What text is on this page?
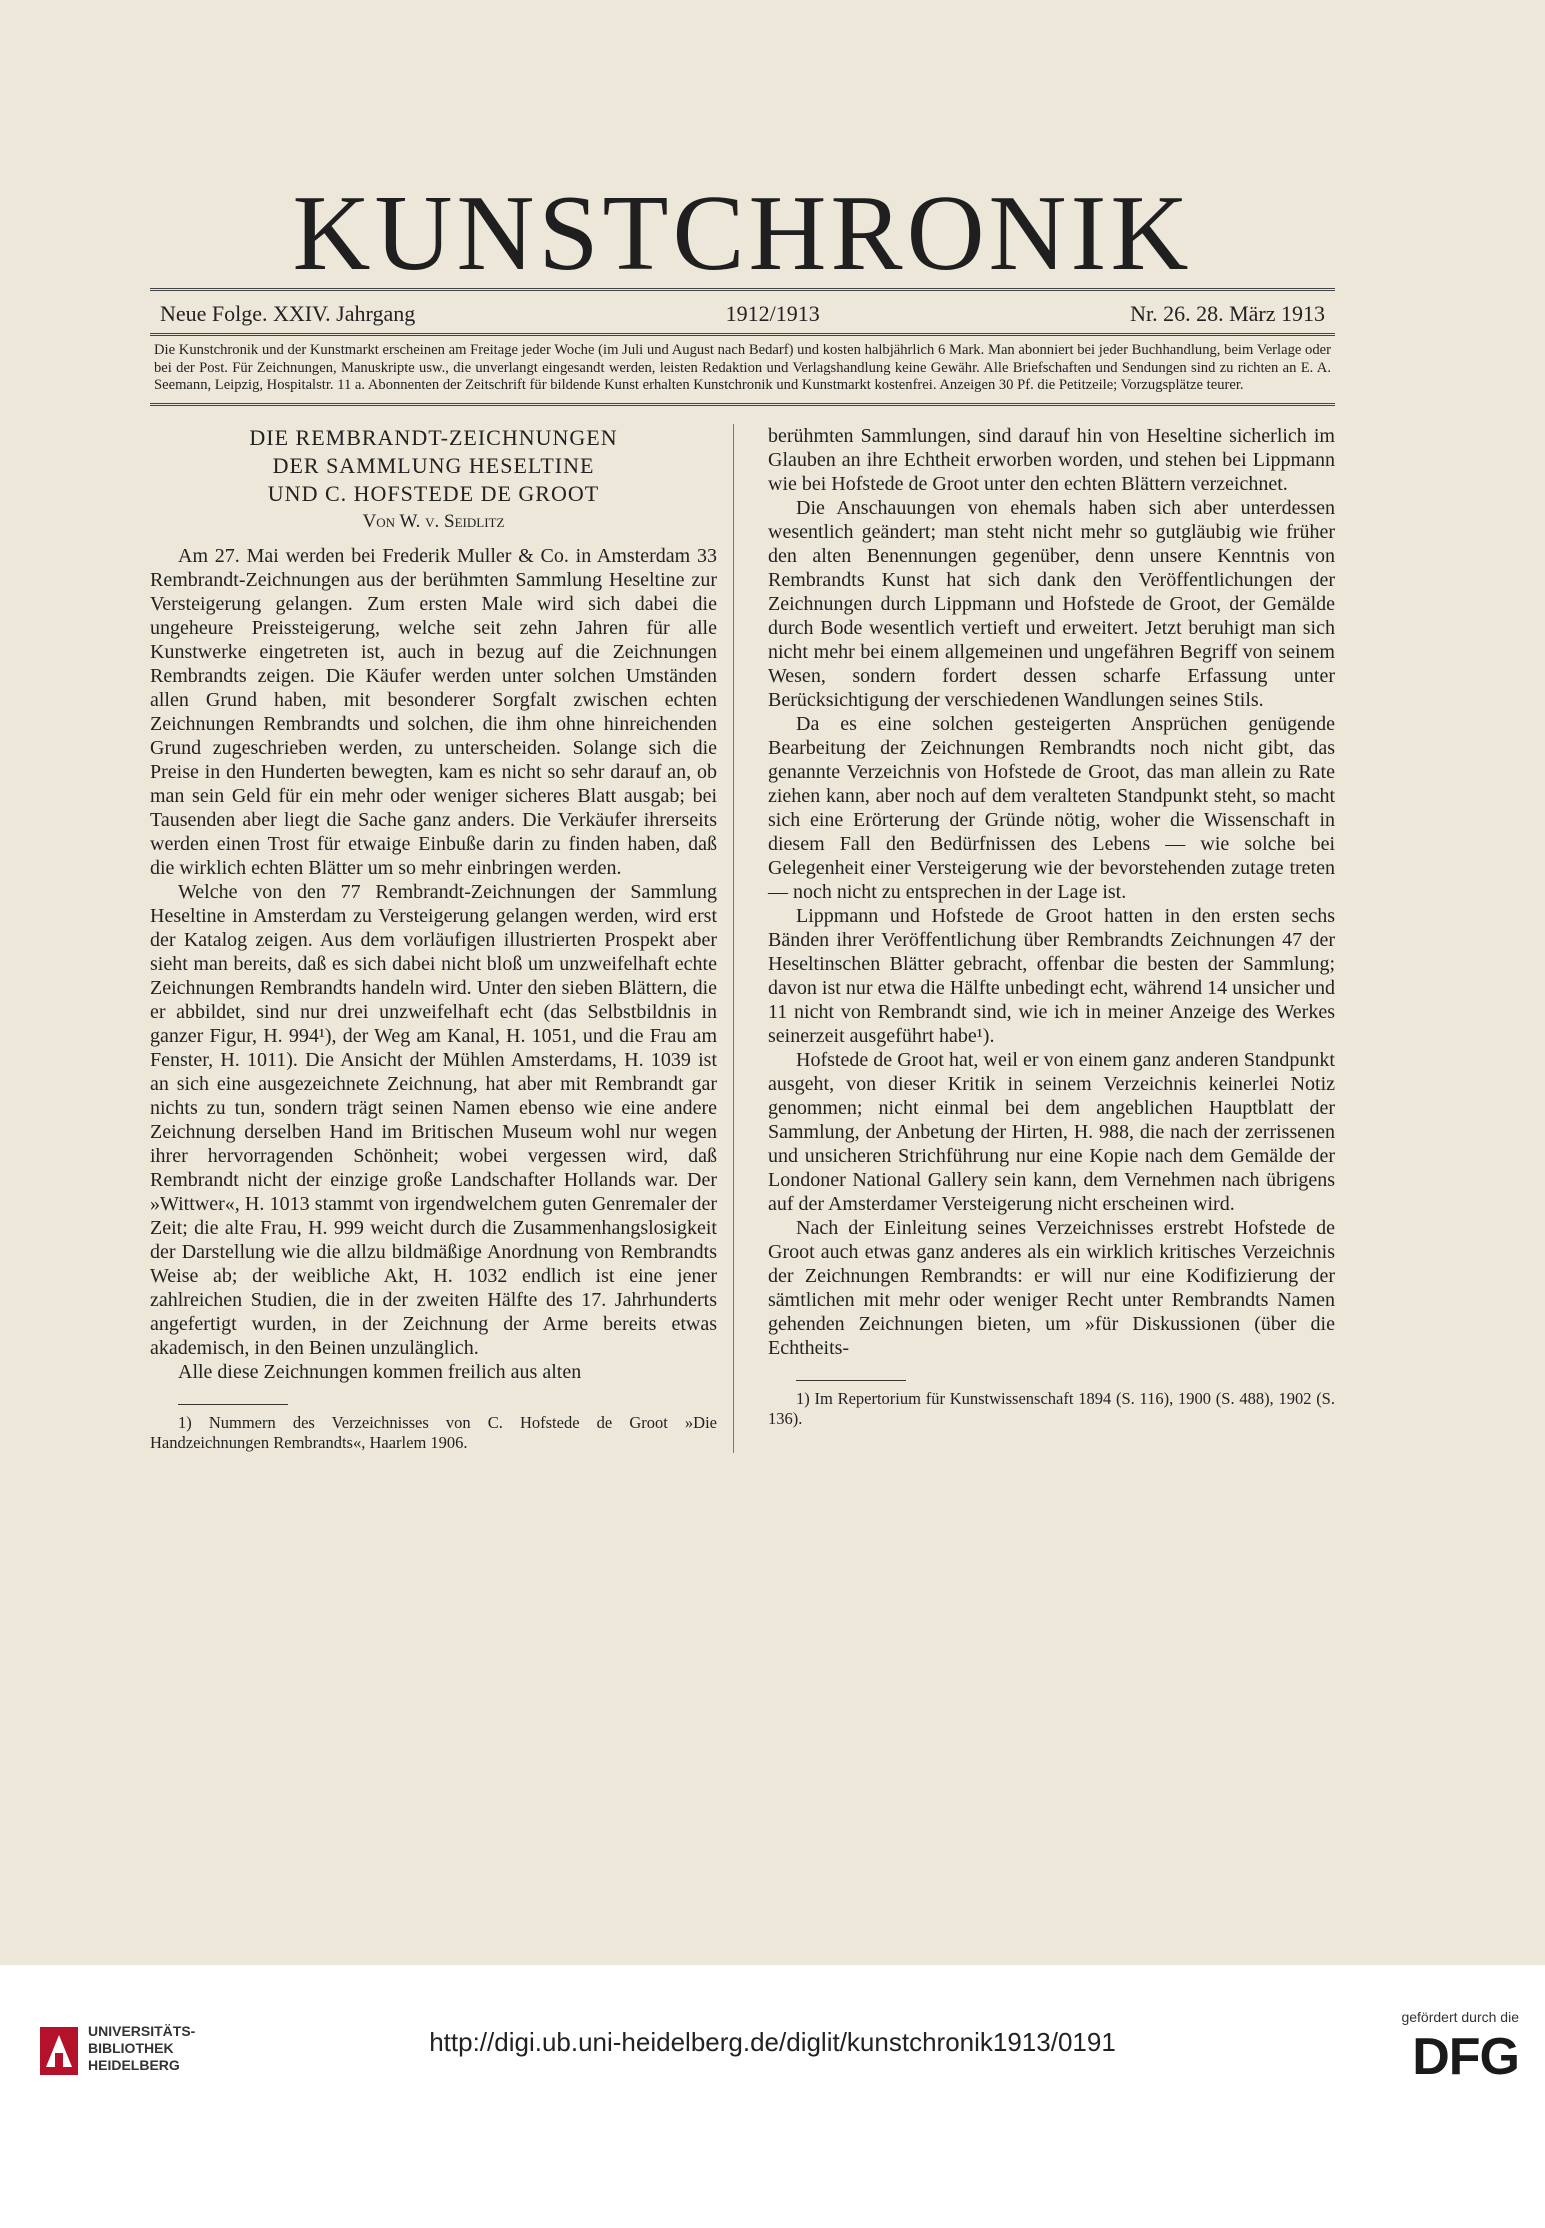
KUNSTCHRONIK
Neue Folge. XXIV. Jahrgang	1912/1913	Nr. 26. 28. März 1913
Die Kunstchronik und der Kunstmarkt erscheinen am Freitage jeder Woche (im Juli und August nach Bedarf) und kosten halbjährlich 6 Mark. Man abonniert bei jeder Buchhandlung, beim Verlage oder bei der Post. Für Zeichnungen, Manuskripte usw., die unverlangt eingesandt werden, leisten Redaktion und Verlagshandlung keine Gewähr. Alle Briefschaften und Sendungen sind zu richten an E. A. Seemann, Leipzig, Hospitalstr. 11 a. Abonnenten der Zeitschrift für bildende Kunst erhalten Kunstchronik und Kunstmarkt kostenfrei. Anzeigen 30 Pf. die Petitzeile; Vorzugsplätze teurer.

DIE REMBRANDT-ZEICHNUNGEN

DER SAMMLUNG HESELTINE

UND C. HOFSTEDE DE GROOT

Von W. v. Seidlitz

Am 27. Mai werden bei Frederik Muller & Co. in Amsterdam 33 Rembrandt-Zeichnungen aus der berühmten Sammlung Heseltine zur Versteigerung gelangen. Zum ersten Male wird sich dabei die ungeheure Preissteigerung, welche seit zehn Jahren für alle Kunstwerke eingetreten ist, auch in bezug auf die Zeichnungen Rembrandts zeigen. Die Käufer werden unter solchen Umständen allen Grund haben, mit besonderer Sorgfalt zwischen echten Zeichnungen Rembrandts und solchen, die ihm ohne hinreichenden Grund zugeschrieben werden, zu unterscheiden. Solange sich die Preise in den Hunderten bewegten, kam es nicht so sehr darauf an, ob man sein Geld für ein mehr oder weniger sicheres Blatt ausgab; bei Tausenden aber liegt die Sache ganz anders. Die Verkäufer ihrerseits werden einen Trost für etwaige Einbuße darin zu finden haben, daß die wirklich echten Blätter um so mehr einbringen werden.

Welche von den 77 Rembrandt-Zeichnungen der Sammlung Heseltine in Amsterdam zu Versteigerung gelangen werden, wird erst der Katalog zeigen. Aus dem vorläufigen illustrierten Prospekt aber sieht man bereits, daß es sich dabei nicht bloß um unzweifelhaft echte Zeichnungen Rembrandts handeln wird. Unter den sieben Blättern, die er abbildet, sind nur drei unzweifelhaft echt (das Selbstbildnis in ganzer Figur, H. 994¹), der Weg am Kanal, H. 1051, und die Frau am Fenster, H. 1011). Die Ansicht der Mühlen Amsterdams, H. 1039 ist an sich eine ausgezeichnete Zeichnung, hat aber mit Rembrandt gar nichts zu tun, sondern trägt seinen Namen ebenso wie eine andere Zeichnung derselben Hand im Britischen Museum wohl nur wegen ihrer hervorragenden Schönheit; wobei vergessen wird, daß Rembrandt nicht der einzige große Landschafter Hollands war. Der »Wittwer«, H. 1013 stammt von irgendwelchem guten Genremaler der Zeit; die alte Frau, H. 999 weicht durch die Zusammenhangslosigkeit der Darstellung wie die allzu bildmäßige Anordnung von Rembrandts Weise ab; der weibliche Akt, H. 1032 endlich ist eine jener zahlreichen Studien, die in der zweiten Hälfte des 17. Jahrhunderts angefertigt wurden, in der Zeichnung der Arme bereits etwas akademisch, in den Beinen unzulänglich.

Alle diese Zeichnungen kommen freilich aus alten

1) Nummern des Verzeichnisses von C. Hofstede de Groot »Die Handzeichnungen Rembrandts«, Haarlem 1906.

berühmten Sammlungen, sind darauf hin von Heseltine sicherlich im Glauben an ihre Echtheit erworben worden, und stehen bei Lippmann wie bei Hofstede de Groot unter den echten Blättern verzeichnet.

Die Anschauungen von ehemals haben sich aber unterdessen wesentlich geändert; man steht nicht mehr so gutgläubig wie früher den alten Benennungen gegenüber, denn unsere Kenntnis von Rembrandts Kunst hat sich dank den Veröffentlichungen der Zeichnungen durch Lippmann und Hofstede de Groot, der Gemälde durch Bode wesentlich vertieft und erweitert. Jetzt beruhigt man sich nicht mehr bei einem allgemeinen und ungefähren Begriff von seinem Wesen, sondern fordert dessen scharfe Erfassung unter Berücksichtigung der verschiedenen Wandlungen seines Stils.

Da es eine solchen gesteigerten Ansprüchen genügende Bearbeitung der Zeichnungen Rembrandts noch nicht gibt, das genannte Verzeichnis von Hofstede de Groot, das man allein zu Rate ziehen kann, aber noch auf dem veralteten Standpunkt steht, so macht sich eine Erörterung der Gründe nötig, woher die Wissenschaft in diesem Fall den Bedürfnissen des Lebens — wie solche bei Gelegenheit einer Versteigerung wie der bevorstehenden zutage treten — noch nicht zu entsprechen in der Lage ist.

Lippmann und Hofstede de Groot hatten in den ersten sechs Bänden ihrer Veröffentlichung über Rembrandts Zeichnungen 47 der Heseltinschen Blätter gebracht, offenbar die besten der Sammlung; davon ist nur etwa die Hälfte unbedingt echt, während 14 unsicher und 11 nicht von Rembrandt sind, wie ich in meiner Anzeige des Werkes seinerzeit ausgeführt habe¹).

Hofstede de Groot hat, weil er von einem ganz anderen Standpunkt ausgeht, von dieser Kritik in seinem Verzeichnis keinerlei Notiz genommen; nicht einmal bei dem angeblichen Hauptblatt der Sammlung, der Anbetung der Hirten, H. 988, die nach der zerrissenen und unsicheren Strichführung nur eine Kopie nach dem Gemälde der Londoner National Gallery sein kann, dem Vernehmen nach übrigens auf der Amsterdamer Versteigerung nicht erscheinen wird.

Nach der Einleitung seines Verzeichnisses erstrebt Hofstede de Groot auch etwas ganz anderes als ein wirklich kritisches Verzeichnis der Zeichnungen Rembrandts: er will nur eine Kodifizierung der sämtlichen mit mehr oder weniger Recht unter Rembrandts Namen gehenden Zeichnungen bieten, um »für Diskussionen (über die Echtheits-

1) Im Repertorium für Kunstwissenschaft 1894 (S. 116), 1900 (S. 488), 1902 (S. 136).
UNIVERSITÄTS-
BIBLIOTHEK
HEIDELBERG
http://digi.ub.uni-heidelberg.de/diglit/kunstchronik1913/0191
gefördert durch die
DFG
